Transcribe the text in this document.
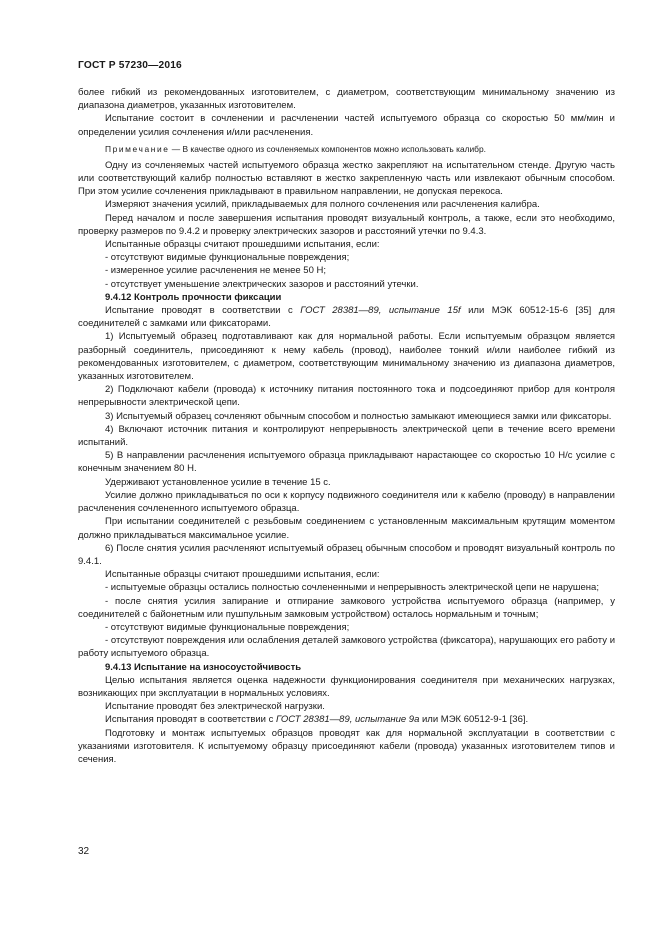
ГОСТ Р 57230—2016

более гибкий из рекомендованных изготовителем, с диаметром, соответствующим минимальному значению из диапазона диаметров, указанных изготовителем.

Испытание состоит в сочленении и расчленении частей испытуемого образца со скоростью 50 мм/мин и определении усилия сочленения и/или расчленения.

Примечание — В качестве одного из сочленяемых компонентов можно использовать калибр.

Одну из сочленяемых частей испытуемого образца жестко закрепляют на испытательном стенде. Другую часть или соответствующий калибр полностью вставляют в жестко закрепленную часть или извлекают обычным способом. При этом усилие сочленения прикладывают в правильном направлении, не допуская перекоса.

Измеряют значения усилий, прикладываемых для полного сочленения или расчленения калибра.

Перед началом и после завершения испытания проводят визуальный контроль, а также, если это необходимо, проверку размеров по 9.4.2 и проверку электрических зазоров и расстояний утечки по 9.4.3.

Испытанные образцы считают прошедшими испытания, если:

- отсутствуют видимые функциональные повреждения;

- измеренное усилие расчленения не менее 50 Н;

- отсутствует уменьшение электрических зазоров и расстояний утечки.

9.4.12 Контроль прочности фиксации

Испытание проводят в соответствии с ГОСТ 28381—89, испытание 15f или МЭК 60512-15-6 [35] для соединителей с замками или фиксаторами.

1) Испытуемый образец подготавливают как для нормальной работы. Если испытуемым образцом является разборный соединитель, присоединяют к нему кабель (провод), наиболее тонкий и/или наиболее гибкий из рекомендованных изготовителем, с диаметром, соответствующим минимальному значению из диапазона диаметров, указанных изготовителем.

2) Подключают кабели (провода) к источнику питания постоянного тока и подсоединяют прибор для контроля непрерывности электрической цепи.

3) Испытуемый образец сочленяют обычным способом и полностью замыкают имеющиеся замки или фиксаторы.

4) Включают источник питания и контролируют непрерывность электрической цепи в течение всего времени испытаний.

5) В направлении расчленения испытуемого образца прикладывают нарастающее со скоростью 10 Н/с усилие с конечным значением 80 Н.

Удерживают установленное усилие в течение 15 с.

Усилие должно прикладываться по оси к корпусу подвижного соединителя или к кабелю (проводу) в направлении расчленения сочлененного испытуемого образца.

При испытании соединителей с резьбовым соединением с установленным максимальным крутящим моментом должно прикладываться максимальное усилие.

6) После снятия усилия расчленяют испытуемый образец обычным способом и проводят визуальный контроль по 9.4.1.

Испытанные образцы считают прошедшими испытания, если:

- испытуемые образцы остались полностью сочлененными и непрерывность электрической цепи не нарушена;

- после снятия усилия запирание и отпирание замкового устройства испытуемого образца (например, у соединителей с байонетным или пушпульным замковым устройством) осталось нормальным и точным;

- отсутствуют видимые функциональные повреждения;

- отсутствуют повреждения или ослабления деталей замкового устройства (фиксатора), нарушающих его работу и работу испытуемого образца.

9.4.13 Испытание на износоустойчивость

Целью испытания является оценка надежности функционирования соединителя при механических нагрузках, возникающих при эксплуатации в нормальных условиях.

Испытание проводят без электрической нагрузки.

Испытания проводят в соответствии с ГОСТ 28381—89, испытание 9a или МЭК 60512-9-1 [36].

Подготовку и монтаж испытуемых образцов проводят как для нормальной эксплуатации в соответствии с указаниями изготовителя. К испытуемому образцу присоединяют кабели (провода) указанных изготовителем типов и сечения.

32
